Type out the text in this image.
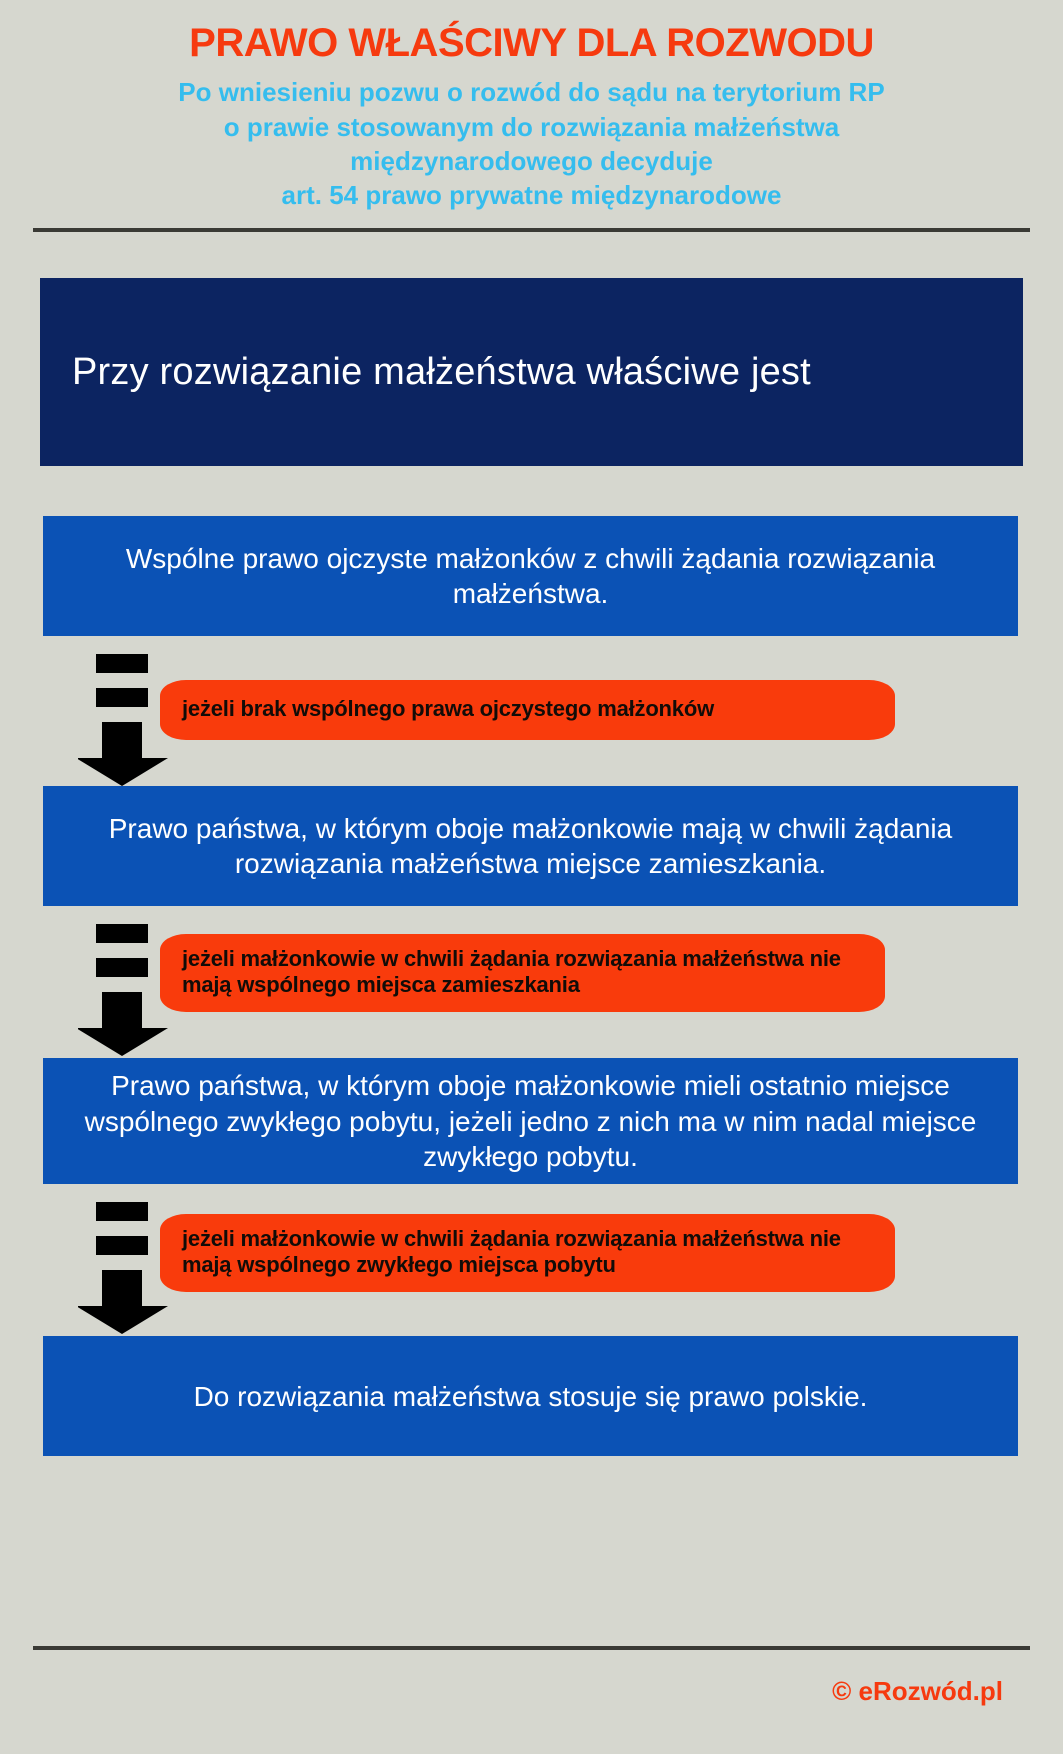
PRAWO WŁAŚCIWY DLA ROZWODU
Po wniesieniu pozwu o rozwód do sądu na terytorium RP
o prawie stosowanym do rozwiązania małżeństwa
międzynarodowego decyduje
art. 54 prawo prywatne międzynarodowe
Przy rozwiązanie małżeństwa właściwe jest
Wspólne prawo ojczyste małżonków z chwili żądania rozwiązania małżeństwa.
jeżeli brak wspólnego prawa ojczystego małżonków
Prawo państwa, w którym oboje małżonkowie mają w chwili żądania rozwiązania małżeństwa miejsce zamieszkania.
jeżeli małżonkowie w chwili żądania rozwiązania małżeństwa nie mają wspólnego miejsca zamieszkania
Prawo państwa, w którym oboje małżonkowie mieli ostatnio miejsce wspólnego zwykłego pobytu, jeżeli jedno z nich ma w nim nadal miejsce zwykłego pobytu.
jeżeli małżonkowie w chwili żądania rozwiązania małżeństwa nie mają wspólnego zwykłego miejsca pobytu
Do rozwiązania małżeństwa stosuje się prawo polskie.
© eRozwód.pl
